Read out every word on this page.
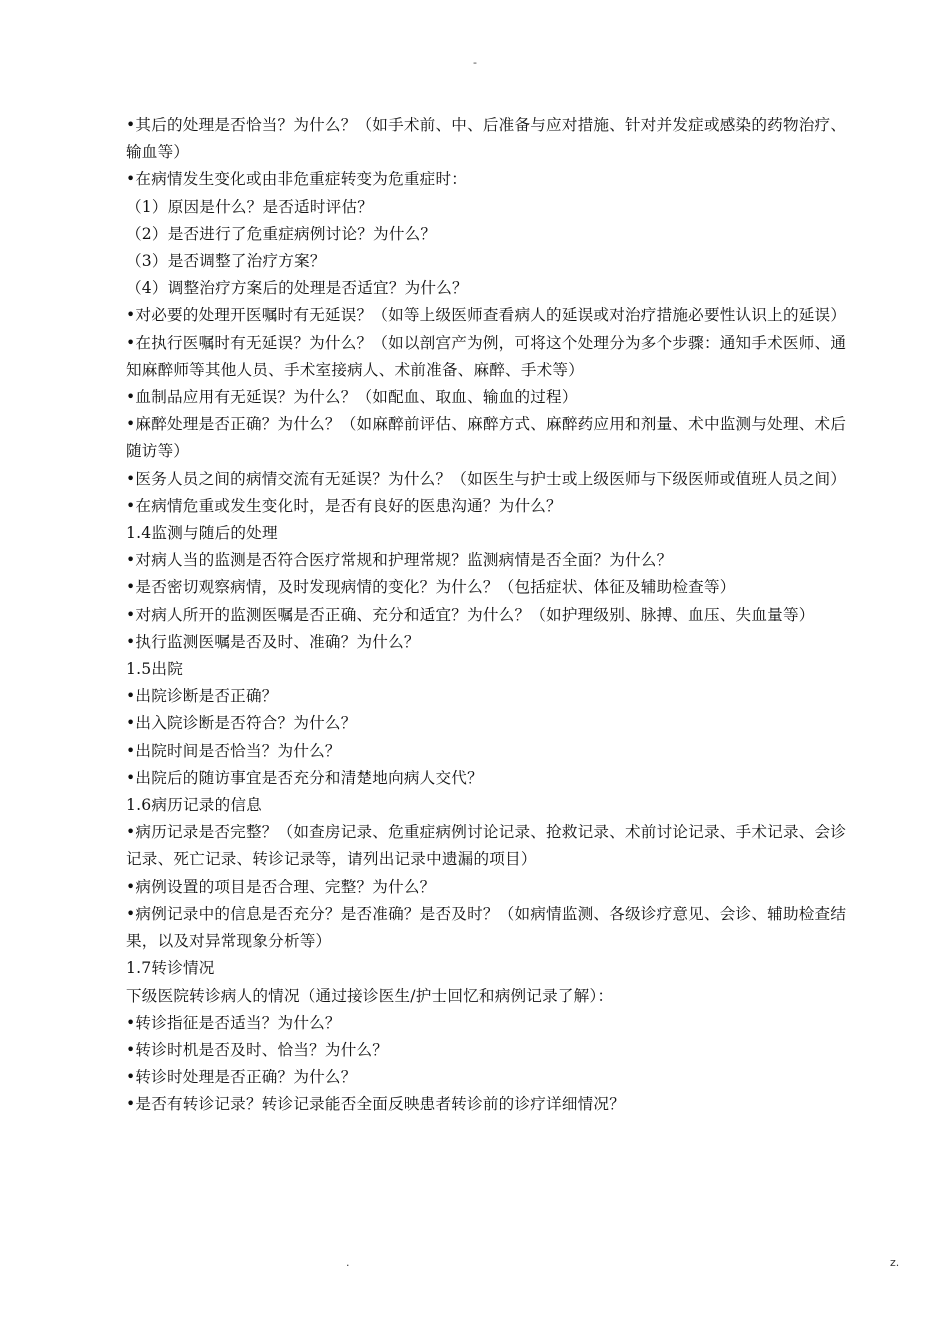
-

•其后的处理是否恰当？为什么？（如手术前、中、后准备与应对措施、针对并发症或感染的药物治疗、输血等）

•在病情发生变化或由非危重症转变为危重症时：

（1）原因是什么？是否适时评估？

（2）是否进行了危重症病例讨论？为什么？

（3）是否调整了治疗方案？

（4）调整治疗方案后的处理是否适宜？为什么？

•对必要的处理开医嘱时有无延误？（如等上级医师查看病人的延误或对治疗措施必要性认识上的延误）

•在执行医嘱时有无延误？为什么？（如以剖宫产为例，可将这个处理分为多个步骤：通知手术医师、通知麻醉师等其他人员、手术室接病人、术前准备、麻醉、手术等）

•血制品应用有无延误？为什么？（如配血、取血、输血的过程）

•麻醉处理是否正确？为什么？（如麻醉前评估、麻醉方式、麻醉药应用和剂量、术中监测与处理、术后随访等）

•医务人员之间的病情交流有无延误？为什么？（如医生与护士或上级医师与下级医师或值班人员之间）

•在病情危重或发生变化时，是否有良好的医患沟通？为什么？

1.4监测与随后的处理

•对病人当的监测是否符合医疗常规和护理常规？监测病情是否全面？为什么？

•是否密切观察病情，及时发现病情的变化？为什么？（包括症状、体征及辅助检查等）

•对病人所开的监测医嘱是否正确、充分和适宜？为什么？（如护理级别、脉搏、血压、失血量等）

•执行监测医嘱是否及时、准确？为什么？

1.5出院

•出院诊断是否正确？

•出入院诊断是否符合？为什么？

•出院时间是否恰当？为什么？

•出院后的随访事宜是否充分和清楚地向病人交代？

1.6病历记录的信息

•病历记录是否完整？（如查房记录、危重症病例讨论记录、抢救记录、术前讨论记录、手术记录、会诊记录、死亡记录、转诊记录等，请列出记录中遗漏的项目）

•病例设置的项目是否合理、完整？为什么？

•病例记录中的信息是否充分？是否准确？是否及时？（如病情监测、各级诊疗意见、会诊、辅助检查结果，以及对异常现象分析等）

1.7转诊情况

下级医院转诊病人的情况（通过接诊医生/护士回忆和病例记录了解）：

•转诊指征是否适当？为什么？

•转诊时机是否及时、恰当？为什么？

•转诊时处理是否正确？为什么？

•是否有转诊记录？转诊记录能否全面反映患者转诊前的诊疗详细情况？

.	z.
